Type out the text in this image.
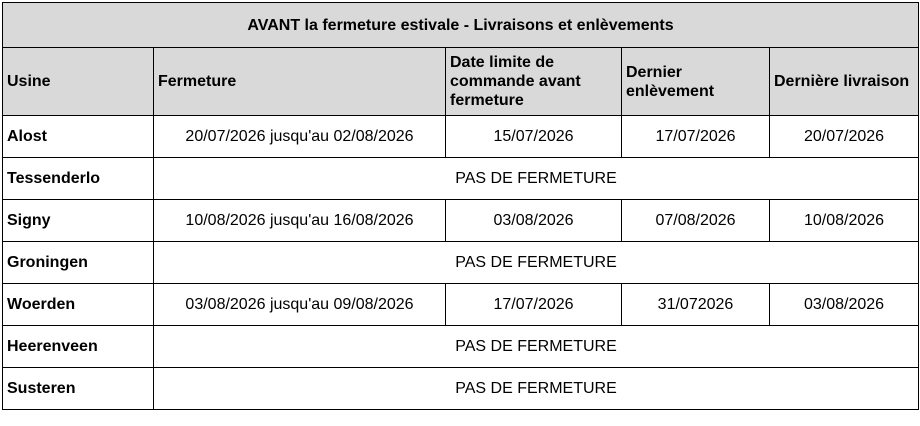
AVANT la fermeture estivale - Livraisons et enlèvements				
Usine	Fermeture	Date limite de commande avant fermeture	Dernier enlèvement	Dernière livraison
Alost	20/07/2026 jusqu'au 02/08/2026	15/07/2026	17/07/2026	20/07/2026
Tessenderlo	PAS DE FERMETURE			
Signy	10/08/2026 jusqu'au 16/08/2026	03/08/2026	07/08/2026	10/08/2026
Groningen	PAS DE FERMETURE			
Woerden	03/08/2026 jusqu'au 09/08/2026	17/07/2026	31/072026	03/08/2026
Heerenveen	PAS DE FERMETURE			
Susteren	PAS DE FERMETURE			
